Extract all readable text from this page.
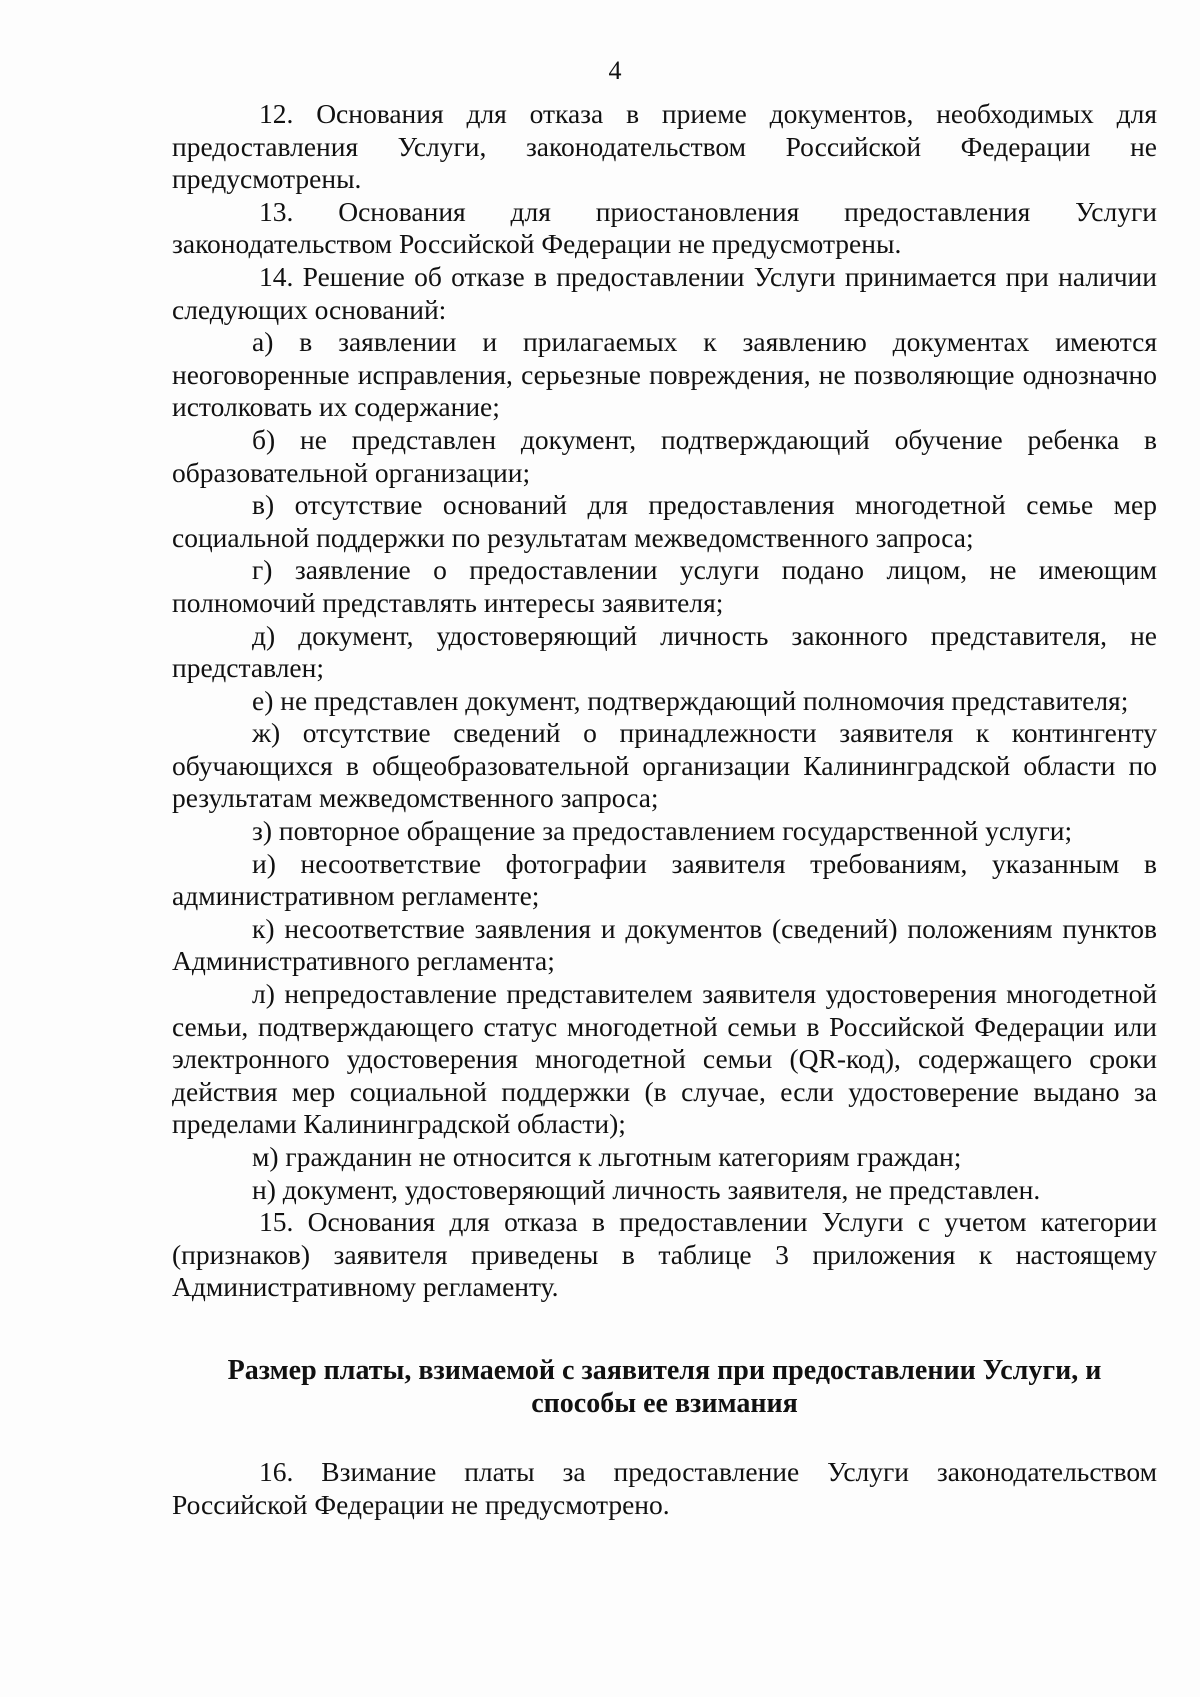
4

12. Основания для отказа в приеме документов, необходимых для предоставления Услуги, законодательством Российской Федерации не предусмотрены.

13. Основания для приостановления предоставления Услуги законодательством Российской Федерации не предусмотрены.

14. Решение об отказе в предоставлении Услуги принимается при наличии следующих оснований:

а) в заявлении и прилагаемых к заявлению документах имеются неоговоренные исправления, серьезные повреждения, не позволяющие однозначно истолковать их содержание;

б) не представлен документ, подтверждающий обучение ребенка в образовательной организации;

в) отсутствие оснований для предоставления многодетной семье мер социальной поддержки по результатам межведомственного запроса;

г) заявление о предоставлении услуги подано лицом, не имеющим полномочий представлять интересы заявителя;

д) документ, удостоверяющий личность законного представителя, не представлен;

е) не представлен документ, подтверждающий полномочия представителя;

ж) отсутствие сведений о принадлежности заявителя к контингенту обучающихся в общеобразовательной организации Калининградской области по результатам межведомственного запроса;

з) повторное обращение за предоставлением государственной услуги;

и) несоответствие фотографии заявителя требованиям, указанным в административном регламенте;

к) несоответствие заявления и документов (сведений) положениям пунктов Административного регламента;

л) непредоставление представителем заявителя удостоверения многодетной семьи, подтверждающего статус многодетной семьи в Российской Федерации или электронного удостоверения многодетной семьи (QR-код), содержащего сроки действия мер социальной поддержки (в случае, если удостоверение выдано за пределами Калининградской области);

м) гражданин не относится к льготным категориям граждан;

н) документ, удостоверяющий личность заявителя, не представлен.

15. Основания для отказа в предоставлении Услуги с учетом категории (признаков) заявителя приведены в таблице 3 приложения к настоящему Административному регламенту.

Размер платы, взимаемой с заявителя при предоставлении Услуги, и способы ее взимания

16. Взимание платы за предоставление Услуги законодательством Российской Федерации не предусмотрено.
